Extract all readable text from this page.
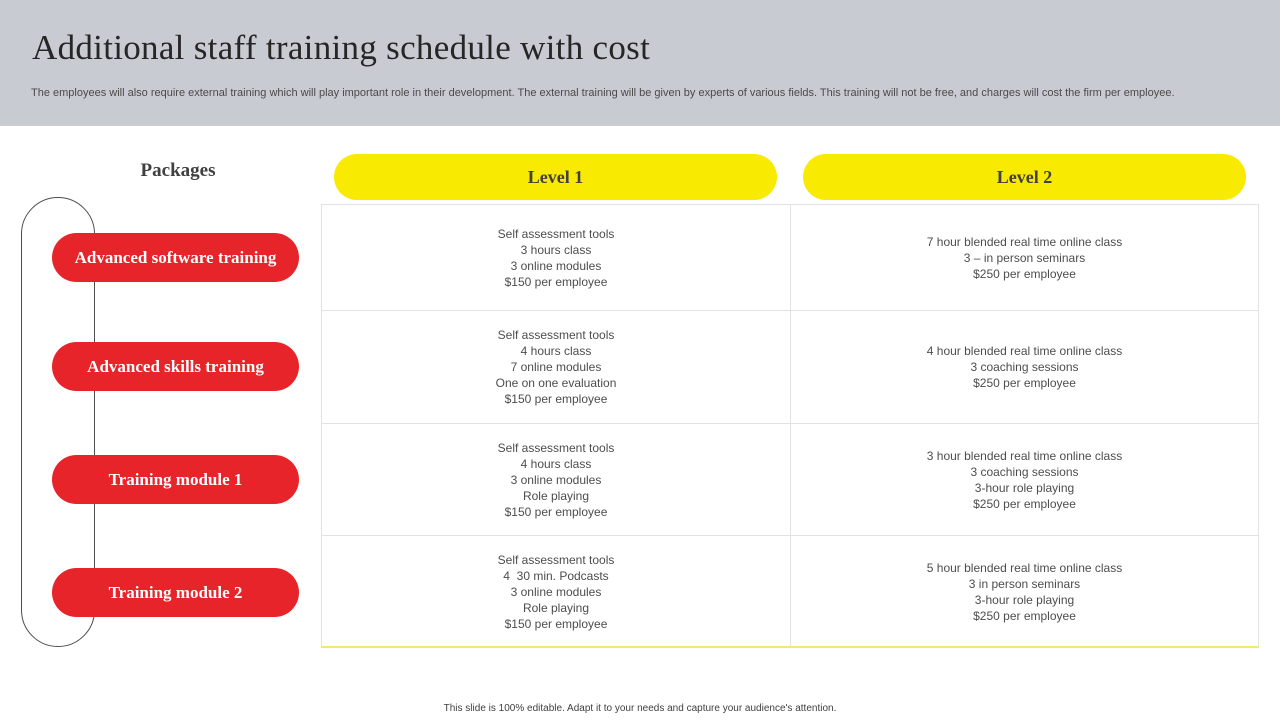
Additional staff training schedule with cost
The employees will also require external training which will play important role in their development. The external training will be given by experts of various fields. This training will not be free, and charges will cost the firm per employee.
Packages
Advanced software training
Advanced skills training
Training module 1
Training module 2
Level 1	Level 2
Self assessment tools
3 hours class
3 online modules
$150 per employee
7 hour blended real time online class
3 – in person seminars
$250 per employee
Self assessment tools
4 hours class
7 online modules
One on one evaluation
$150 per employee
4 hour blended real time online class
3 coaching sessions
$250 per employee
Self assessment tools
4 hours class
3 online modules
Role playing
$150 per employee
3 hour blended real time online class
3 coaching sessions
3-hour role playing
$250 per employee
Self assessment tools
4  30 min. Podcasts
3 online modules
Role playing
$150 per employee
5 hour blended real time online class
3 in person seminars
3-hour role playing
$250 per employee
This slide is 100% editable. Adapt it to your needs and capture your audience's attention.
